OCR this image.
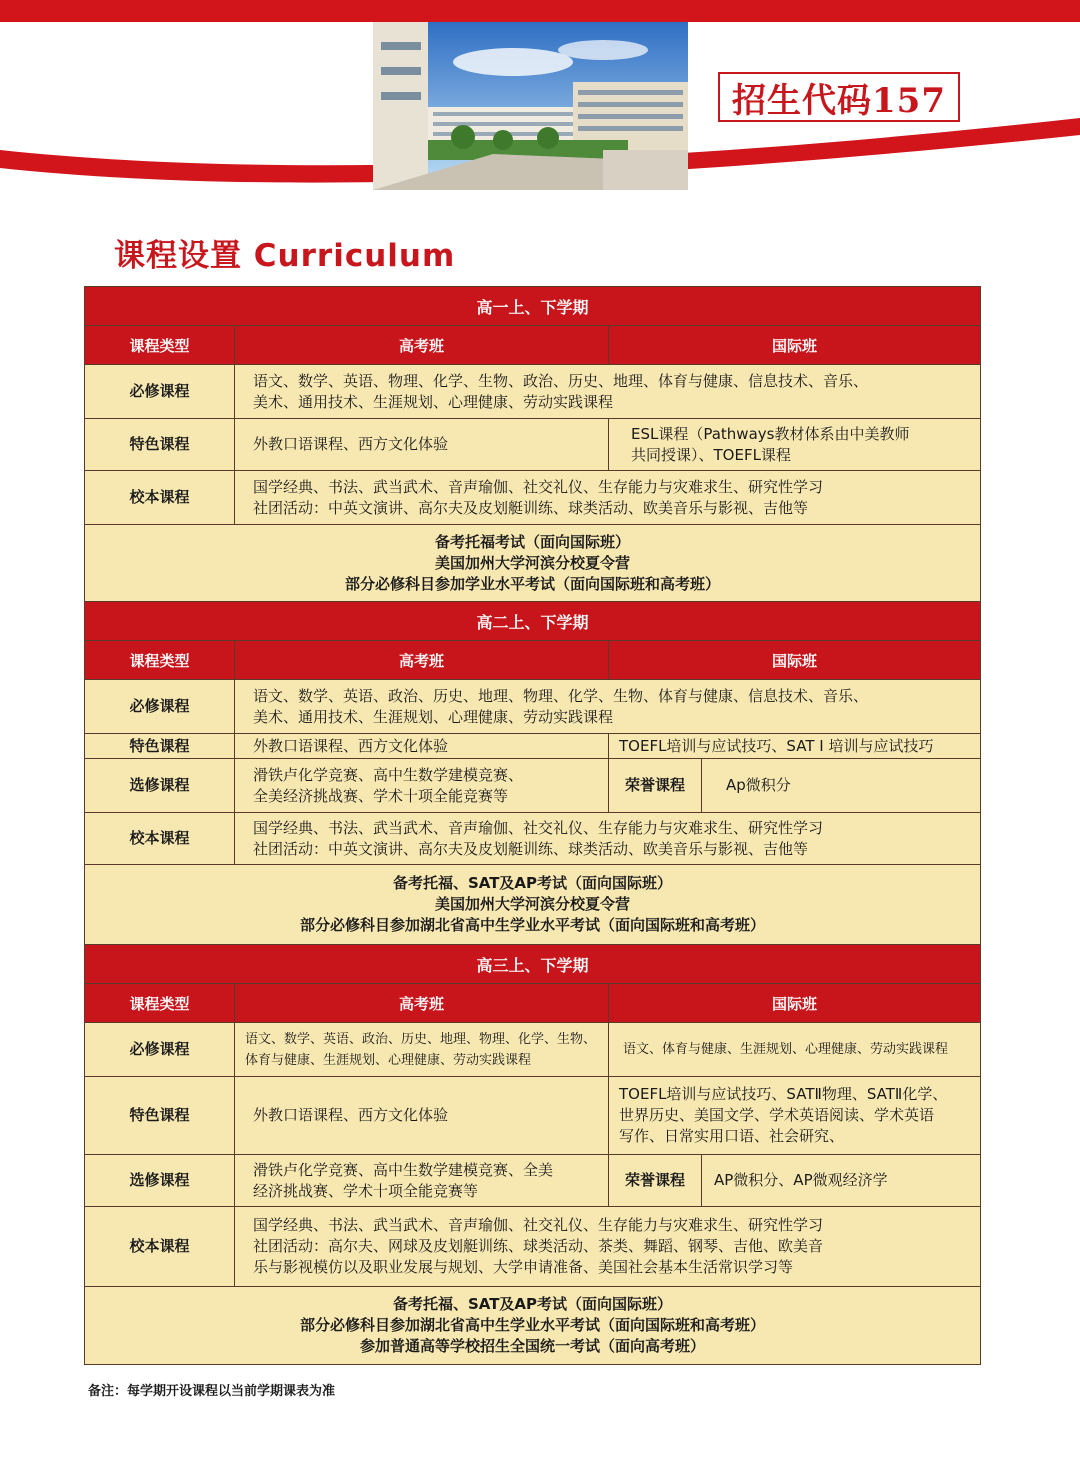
招生代码157
课程设置 Curriculum
高一上、下学期			
课程类型	高考班	国际班	
必修课程	语文、数学、英语、物理、化学、生物、政治、历史、地理、体育与健康、信息技术、音乐、
美术、通用技术、生涯规划、心理健康、劳动实践课程		

特色课程	外教口语课程、西方文化体验	ESL课程（Pathways教材体系由中美教师
共同授课）、TOEFL课程	

校本课程	国学经典、书法、武当武术、音声瑜伽、社交礼仪、生存能力与灾难求生、研究性学习
社团活动：中英文演讲、高尔夫及皮划艇训练、球类活动、欧美音乐与影视、吉他等		

备考托福考试（面向国际班）
美国加州大学河滨分校夏令营
部分必修科目参加学业水平考试（面向国际班和高考班）			

高二上、下学期			
课程类型	高考班	国际班	
必修课程	语文、数学、英语、政治、历史、地理、物理、化学、生物、体育与健康、信息技术、音乐、
美术、通用技术、生涯规划、心理健康、劳动实践课程		

特色课程	外教口语课程、西方文化体验	TOEFL培训与应试技巧、SAT I 培训与应试技巧	
选修课程	滑铁卢化学竞赛、高中生数学建模竞赛、
全美经济挑战赛、学术十项全能竞赛等	荣誉课程	Ap微积分
校本课程	国学经典、书法、武当武术、音声瑜伽、社交礼仪、生存能力与灾难求生、研究性学习
社团活动：中英文演讲、高尔夫及皮划艇训练、球类活动、欧美音乐与影视、吉他等		

备考托福、SAT及AP考试（面向国际班）
美国加州大学河滨分校夏令营
部分必修科目参加湖北省高中生学业水平考试（面向国际班和高考班）			

高三上、下学期			
课程类型	高考班	国际班	
必修课程	语文、数学、英语、政治、历史、地理、物理、化学、生物、
体育与健康、生涯规划、心理健康、劳动实践课程	语文、体育与健康、生涯规划、心理健康、劳动实践课程	
特色课程	外教口语课程、西方文化体验	TOEFL培训与应试技巧、SATⅡ物理、SATⅡ化学、
世界历史、美国文学、学术英语阅读、学术英语
写作、日常实用口语、社会研究、	

选修课程	滑铁卢化学竞赛、高中生数学建模竞赛、全美
经济挑战赛、学术十项全能竞赛等	荣誉课程	AP微积分、AP微观经济学
校本课程	国学经典、书法、武当武术、音声瑜伽、社交礼仪、生存能力与灾难求生、研究性学习
社团活动：高尔夫、网球及皮划艇训练、球类活动、茶类、舞蹈、钢琴、吉他、欧美音
乐与影视模仿以及职业发展与规划、大学申请准备、美国社会基本生活常识学习等		

备考托福、SAT及AP考试（面向国际班）
部分必修科目参加湖北省高中生学业水平考试（面向国际班和高考班）
参加普通高等学校招生全国统一考试（面向高考班）			
备注：每学期开设课程以当前学期课表为准
